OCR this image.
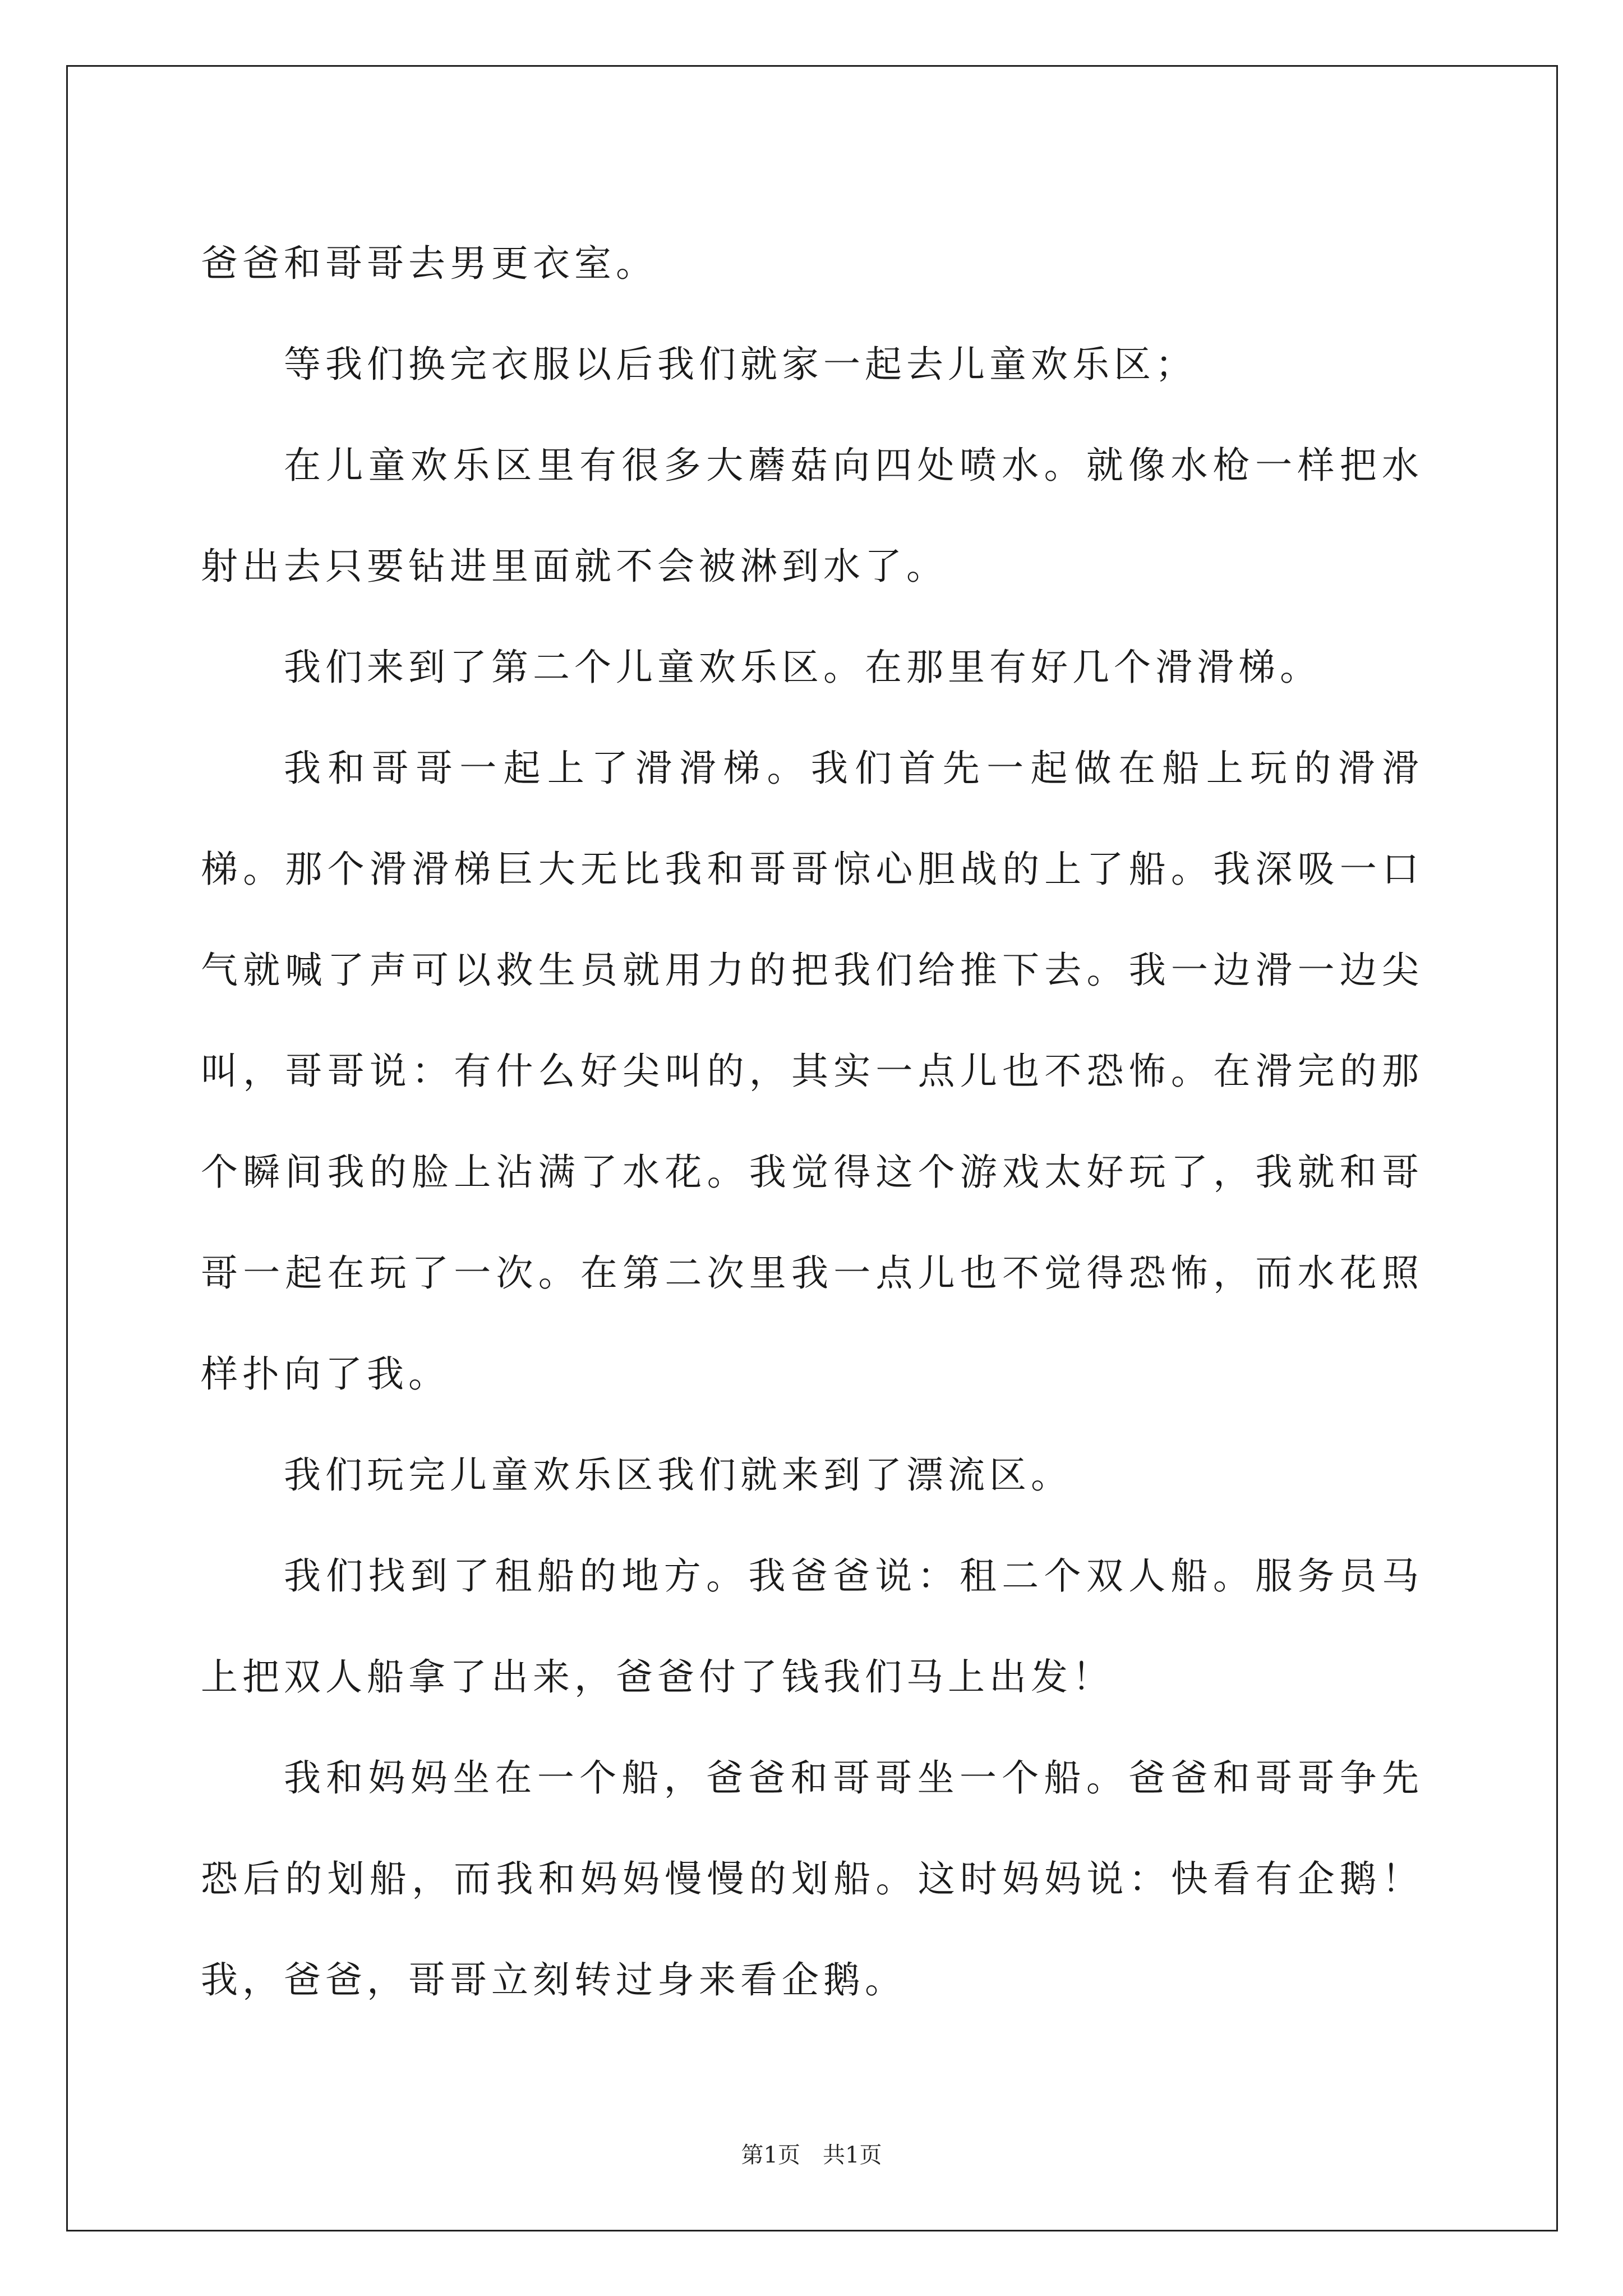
爸爸和哥哥去男更衣室。

等我们换完衣服以后我们就家一起去儿童欢乐区；

在儿童欢乐区里有很多大蘑菇向四处喷水。就像水枪一样把水射出去只要钻进里面就不会被淋到水了。

我们来到了第二个儿童欢乐区。在那里有好几个滑滑梯。

我和哥哥一起上了滑滑梯。我们首先一起做在船上玩的滑滑梯。那个滑滑梯巨大无比我和哥哥惊心胆战的上了船。我深吸一口气就喊了声可以救生员就用力的把我们给推下去。我一边滑一边尖叫，哥哥说：有什么好尖叫的，其实一点儿也不恐怖。在滑完的那个瞬间我的脸上沾满了水花。我觉得这个游戏太好玩了，我就和哥哥一起在玩了一次。在第二次里我一点儿也不觉得恐怖，而水花照样扑向了我。

我们玩完儿童欢乐区我们就来到了漂流区。

我们找到了租船的地方。我爸爸说：租二个双人船。服务员马上把双人船拿了出来，爸爸付了钱我们马上出发！

我和妈妈坐在一个船，爸爸和哥哥坐一个船。爸爸和哥哥争先恐后的划船，而我和妈妈慢慢的划船。这时妈妈说：快看有企鹅！我，爸爸，哥哥立刻转过身来看企鹅。

第1页 共1页
